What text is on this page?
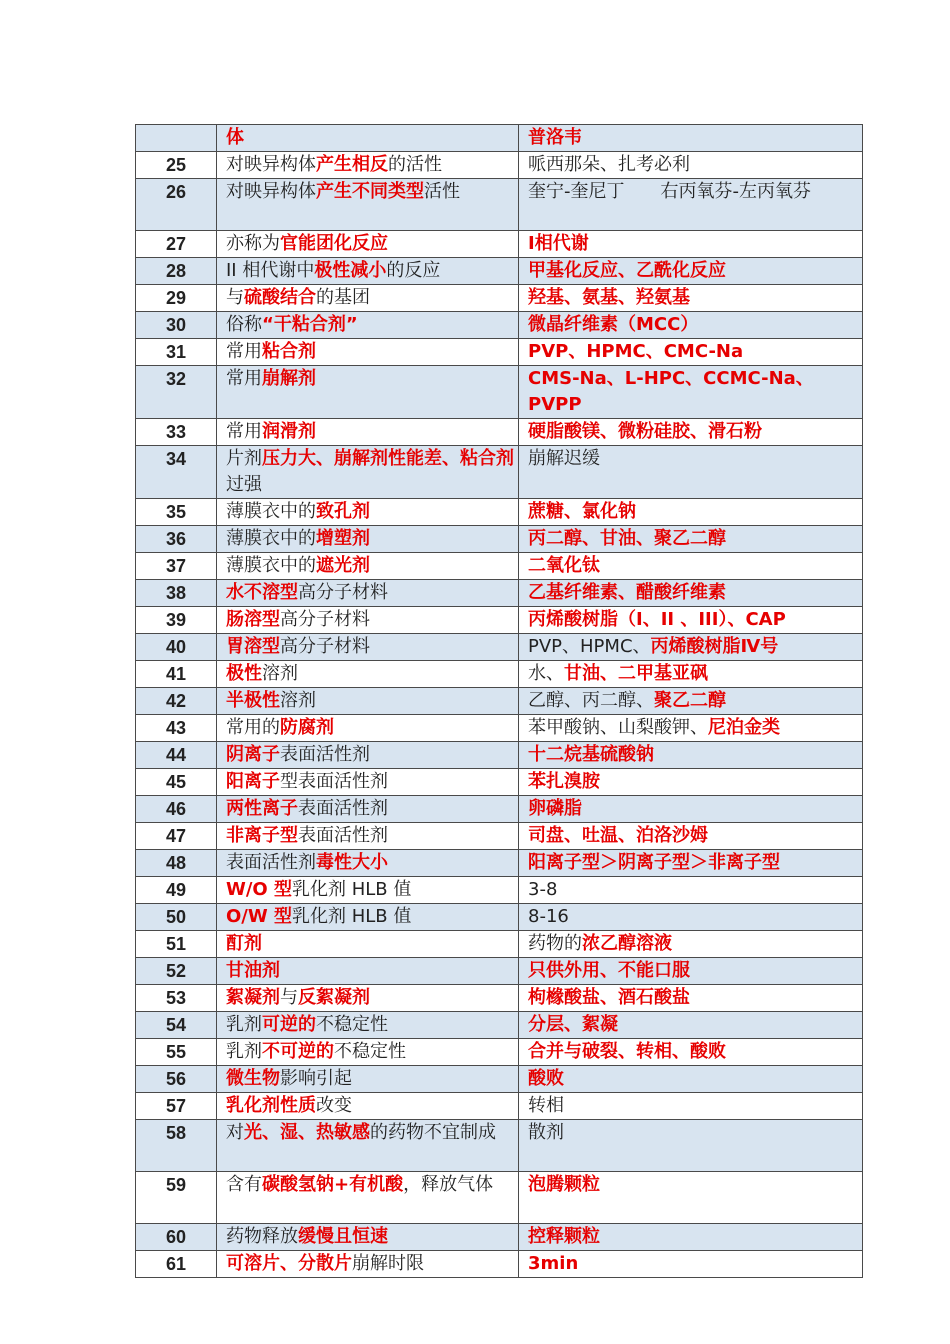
	体	普洛韦
25	对映异构体产生相反的活性	哌西那朵、扎考必利
26	对映异构体产生不同类型活性	奎宁-奎尼丁　　右丙氧芬-左丙氧芬
27	亦称为官能团化反应	Ⅰ相代谢
28	II 相代谢中极性减小的反应	甲基化反应、乙酰化反应
29	与硫酸结合的基团	羟基、氨基、羟氨基
30	俗称“干粘合剂”	微晶纤维素（MCC）
31	常用粘合剂	PVP、HPMC、CMC-Na
32	常用崩解剂	CMS-Na、L-HPC、CCMC-Na、PVPP
33	常用润滑剂	硬脂酸镁、微粉硅胶、滑石粉
34	片剂压力大、崩解剂性能差、粘合剂过强	崩解迟缓
35	薄膜衣中的致孔剂	蔗糖、氯化钠
36	薄膜衣中的增塑剂	丙二醇、甘油、聚乙二醇
37	薄膜衣中的遮光剂	二氧化钛
38	水不溶型高分子材料	乙基纤维素、醋酸纤维素
39	肠溶型高分子材料	丙烯酸树脂（Ⅰ、II 、III）、CAP
40	胃溶型高分子材料	PVP、HPMC、丙烯酸树脂Ⅳ号
41	极性溶剂	水、甘油、二甲基亚砜
42	半极性溶剂	乙醇、丙二醇、聚乙二醇
43	常用的防腐剂	苯甲酸钠、山梨酸钾、尼泊金类
44	阴离子表面活性剂	十二烷基硫酸钠
45	阳离子型表面活性剂	苯扎溴胺
46	两性离子表面活性剂	卵磷脂
47	非离子型表面活性剂	司盘、吐温、泊洛沙姆
48	表面活性剂毒性大小	阳离子型＞阴离子型＞非离子型
49	W/O 型乳化剂 HLB 值	3-8
50	O/W 型乳化剂 HLB 值	8-16
51	酊剂	药物的浓乙醇溶液
52	甘油剂	只供外用、不能口服
53	絮凝剂与反絮凝剂	枸橼酸盐、酒石酸盐
54	乳剂可逆的不稳定性	分层、絮凝
55	乳剂不可逆的不稳定性	合并与破裂、转相、酸败
56	微生物影响引起	酸败
57	乳化剂性质改变	转相
58	对光、湿、热敏感的药物不宜制成	散剂
59	含有碳酸氢钠+有机酸，释放气体	泡腾颗粒
60	药物释放缓慢且恒速	控释颗粒
61	可溶片、分散片崩解时限	3min
